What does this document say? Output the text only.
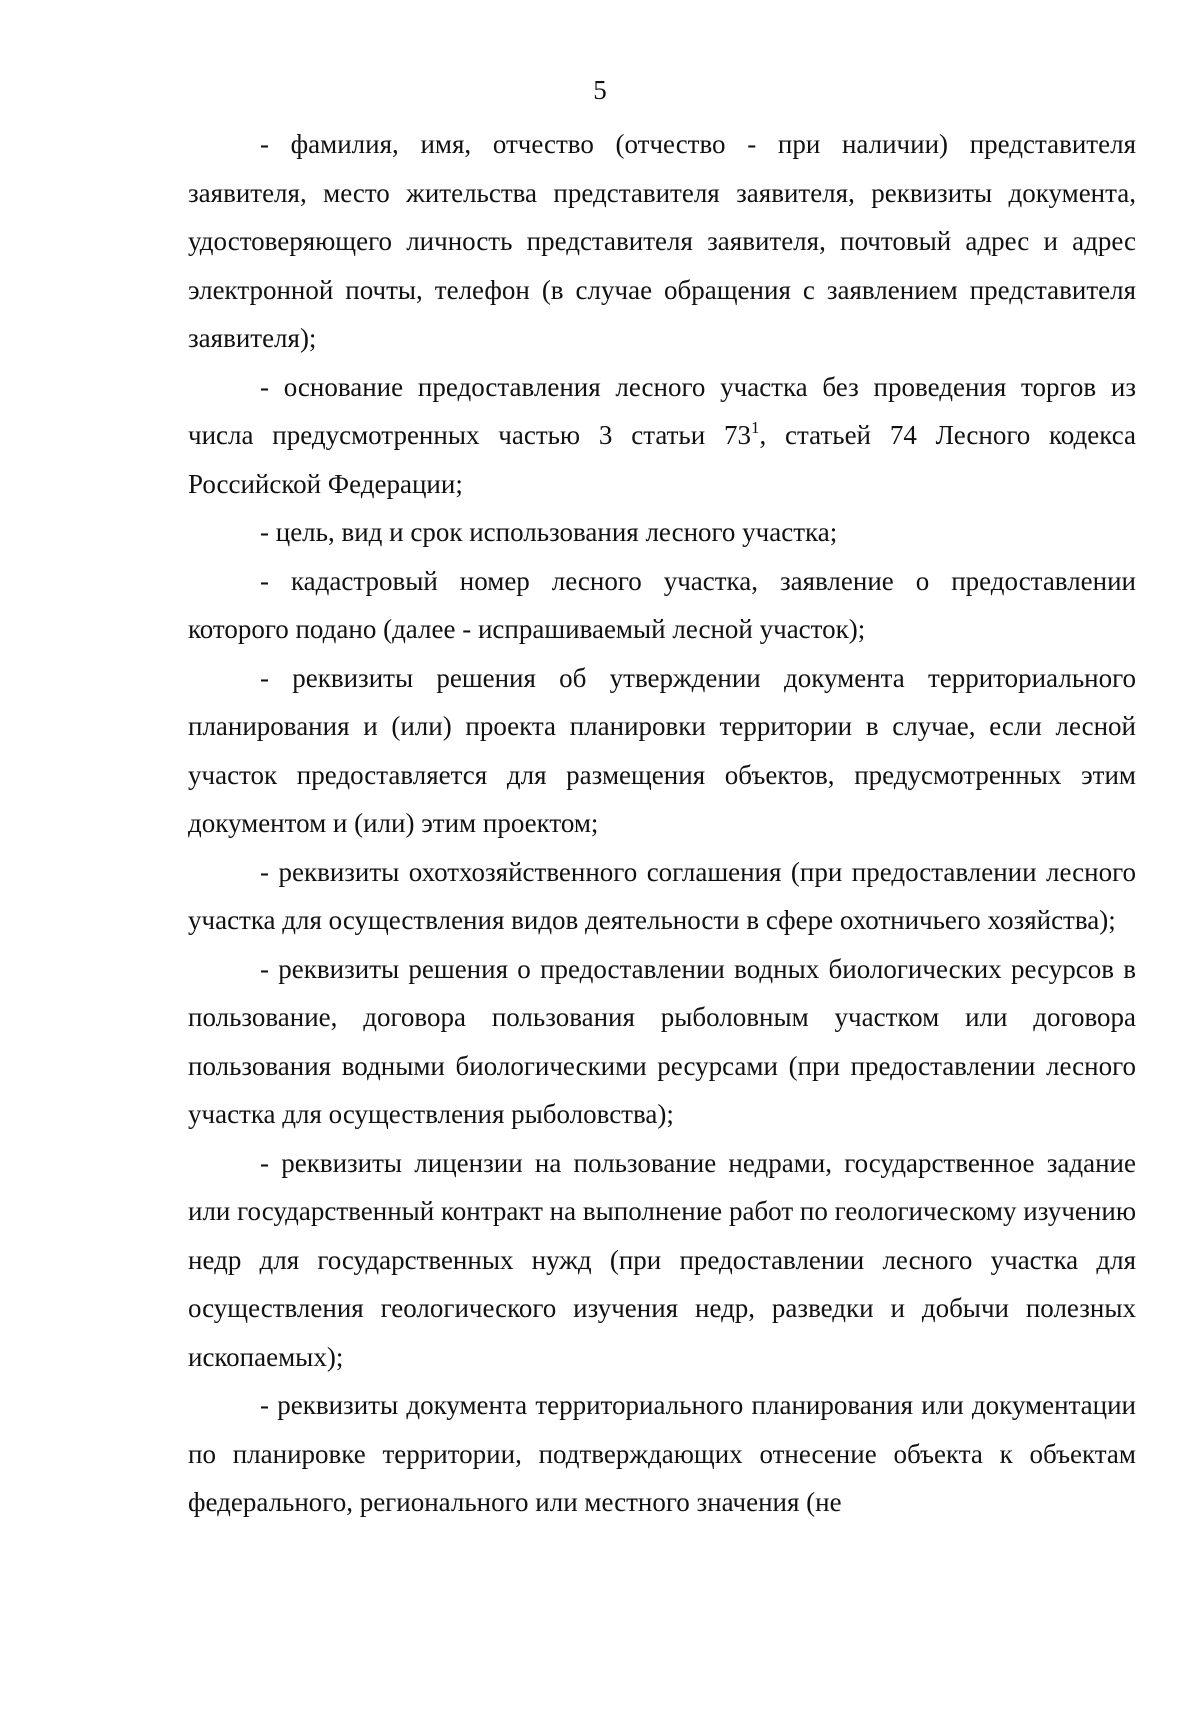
5

- фамилия, имя, отчество (отчество - при наличии) представителя заявителя, место жительства представителя заявителя, реквизиты документа, удостоверяющего личность представителя заявителя, почтовый адрес и адрес электронной почты, телефон (в случае обращения с заявлением представителя заявителя);

- основание предоставления лесного участка без проведения торгов из числа предусмотренных частью 3 статьи $73^1$, статьей 74 Лесного кодекса Российской Федерации;

- цель, вид и срок использования лесного участка;

- кадастровый номер лесного участка, заявление о предоставлении которого подано (далее - испрашиваемый лесной участок);

- реквизиты решения об утверждении документа территориального планирования и (или) проекта планировки территории в случае, если лесной участок предоставляется для размещения объектов, предусмотренных этим документом и (или) этим проектом;

- реквизиты охотхозяйственного соглашения (при предоставлении лесного участка для осуществления видов деятельности в сфере охотничьего хозяйства);

- реквизиты решения о предоставлении водных биологических ресурсов в пользование, договора пользования рыболовным участком или договора пользования водными биологическими ресурсами (при предоставлении лесного участка для осуществления рыболовства);

- реквизиты лицензии на пользование недрами, государственное задание или государственный контракт на выполнение работ по геологическому изучению недр для государственных нужд (при предоставлении лесного участка для осуществления геологического изучения недр, разведки и добычи полезных ископаемых);

- реквизиты документа территориального планирования или документации по планировке территории, подтверждающих отнесение объекта к объектам федерального, регионального или местного значения (не
